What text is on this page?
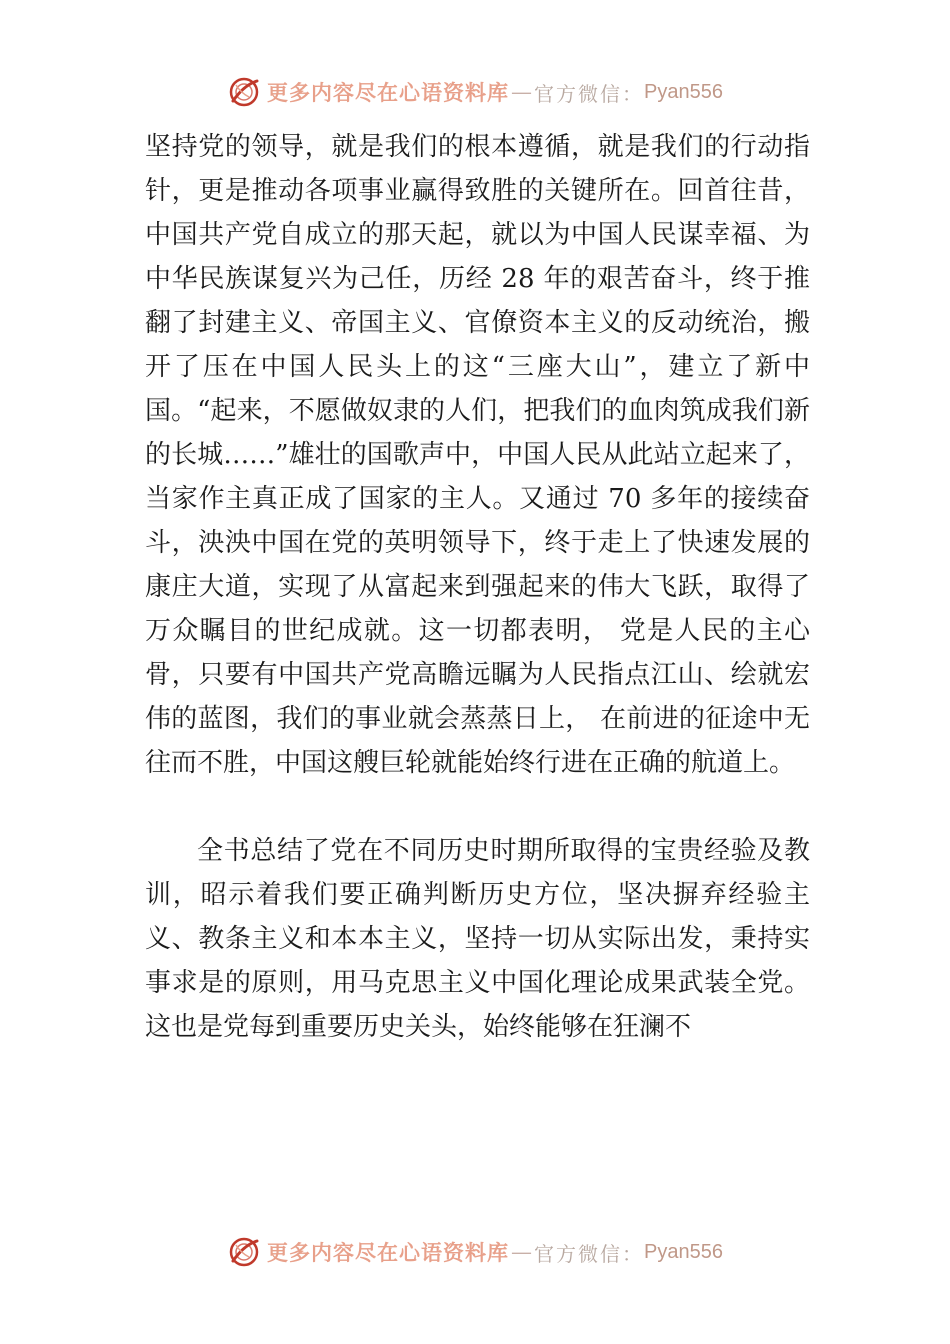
更多内容尽在心语资料库 — 官方微信： Pyan556

坚持党的领导，就是我们的根本遵循，就是我们的行动指针，更是推动各项事业赢得致胜的关键所在。回首往昔，中国共产党自成立的那天起，就以为中国人民谋幸福、为中华民族谋复兴为己任，历经 28 年的艰苦奋斗，终于推翻了封建主义、帝国主义、官僚资本主义的反动统治，搬开了压在中国人民头上的这“三座大山”，建立了新中国。“起来，不愿做奴隶的人们，把我们的血肉筑成我们新的长城……”雄壮的国歌声中，中国人民从此站立起来了，当家作主真正成了国家的主人。又通过 70 多年的接续奋斗，泱泱中国在党的英明领导下，终于走上了快速发展的康庄大道，实现了从富起来到强起来的伟大飞跃，取得了万众瞩目的世纪成就。这一切都表明， 党是人民的主心骨，只要有中国共产党高瞻远瞩为人民指点江山、绘就宏伟的蓝图，我们的事业就会蒸蒸日上， 在前进的征途中无往而不胜，中国这艘巨轮就能始终行进在正确的航道上。

全书总结了党在不同历史时期所取得的宝贵经验及教训，昭示着我们要正确判断历史方位，坚决摒弃经验主义、教条主义和本本主义，坚持一切从实际出发，秉持实事求是的原则，用马克思主义中国化理论成果武装全党。这也是党每到重要历史关头，始终能够在狂澜不

更多内容尽在心语资料库 — 官方微信： Pyan556
